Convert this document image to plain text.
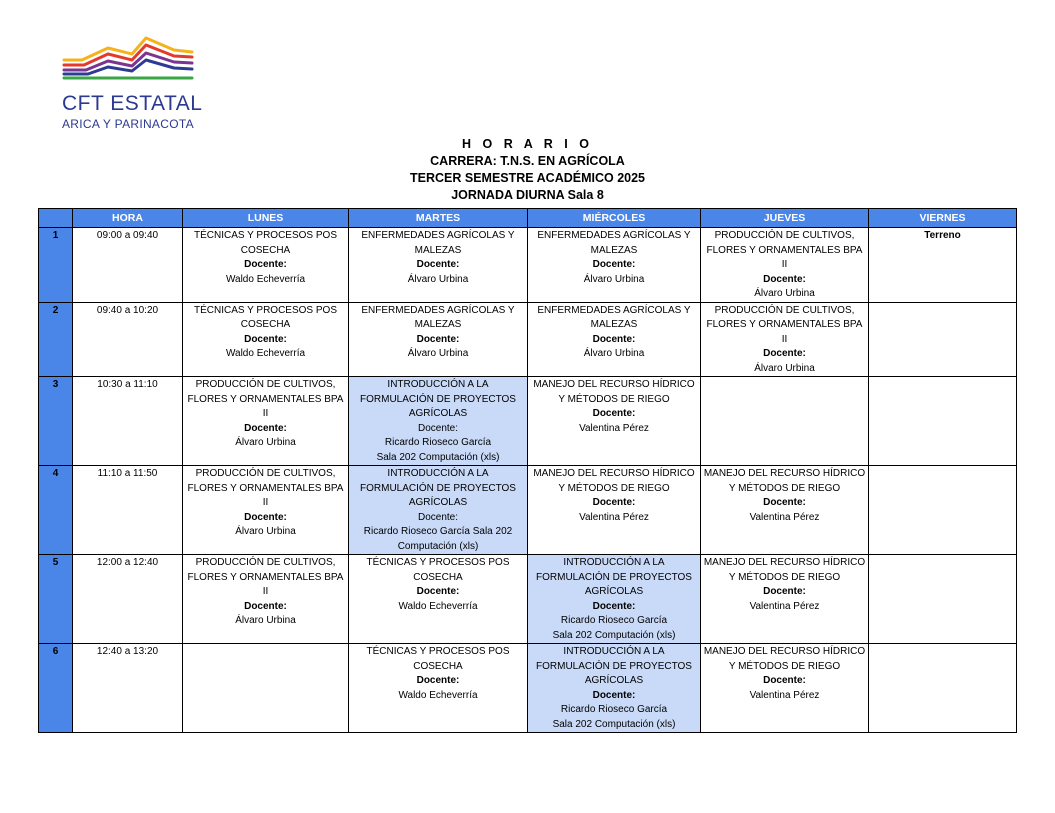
CFT ESTATAL
ARICA Y PARINACOTA
H O R A R I O
CARRERA: T.N.S. EN AGRÍCOLA
TERCER SEMESTRE ACADÉMICO 2025
JORNADA DIURNA Sala 8
	HORA	LUNES	MARTES	MIÉRCOLES	JUEVES	VIERNES
1	09:00 a 09:40	TÉCNICAS Y PROCESOS POS COSECHA
Docente:
Waldo Echeverría	ENFERMEDADES AGRÍCOLAS Y MALEZAS
Docente:
Álvaro Urbina	ENFERMEDADES AGRÍCOLAS Y MALEZAS
Docente:
Álvaro Urbina	PRODUCCIÓN DE CULTIVOS, FLORES Y ORNAMENTALES BPA II
Docente:
Álvaro Urbina	Terreno

2	09:40 a 10:20	TÉCNICAS Y PROCESOS POS COSECHA
Docente:
Waldo Echeverría	ENFERMEDADES AGRÍCOLAS Y MALEZAS
Docente:
Álvaro Urbina	ENFERMEDADES AGRÍCOLAS Y MALEZAS
Docente:
Álvaro Urbina	PRODUCCIÓN DE CULTIVOS, FLORES Y ORNAMENTALES BPA II
Docente:
Álvaro Urbina	

3	10:30 a 11:10	PRODUCCIÓN DE CULTIVOS, FLORES Y ORNAMENTALES BPA II
Docente:
Álvaro Urbina	INTRODUCCIÓN A LA FORMULACIÓN DE PROYECTOS AGRÍCOLAS
Docente:
Ricardo Rioseco García
Sala 202 Computación (xls)	MANEJO DEL RECURSO HÍDRICO Y MÉTODOS DE RIEGO
Docente:
Valentina Pérez		

4	11:10 a 11:50	PRODUCCIÓN DE CULTIVOS, FLORES Y ORNAMENTALES BPA II
Docente:
Álvaro Urbina	INTRODUCCIÓN A LA FORMULACIÓN DE PROYECTOS AGRÍCOLAS
Docente:
Ricardo Rioseco García Sala 202 Computación (xls)	MANEJO DEL RECURSO HÍDRICO Y MÉTODOS DE RIEGO
Docente:
Valentina Pérez	MANEJO DEL RECURSO HÍDRICO Y MÉTODOS DE RIEGO
Docente:
Valentina Pérez	

5	12:00 a 12:40	PRODUCCIÓN DE CULTIVOS, FLORES Y ORNAMENTALES BPA II
Docente:
Álvaro Urbina	TÉCNICAS Y PROCESOS POS COSECHA
Docente:
Waldo Echeverría	INTRODUCCIÓN A LA FORMULACIÓN DE PROYECTOS AGRÍCOLAS
Docente:
Ricardo Rioseco García
Sala 202 Computación (xls)	MANEJO DEL RECURSO HÍDRICO Y MÉTODOS DE RIEGO
Docente:
Valentina Pérez	

6	12:40 a 13:20		TÉCNICAS Y PROCESOS POS COSECHA
Docente:
Waldo Echeverría	INTRODUCCIÓN A LA FORMULACIÓN DE PROYECTOS AGRÍCOLAS
Docente:
Ricardo Rioseco García
Sala 202 Computación (xls)	MANEJO DEL RECURSO HÍDRICO Y MÉTODOS DE RIEGO
Docente:
Valentina Pérez	
